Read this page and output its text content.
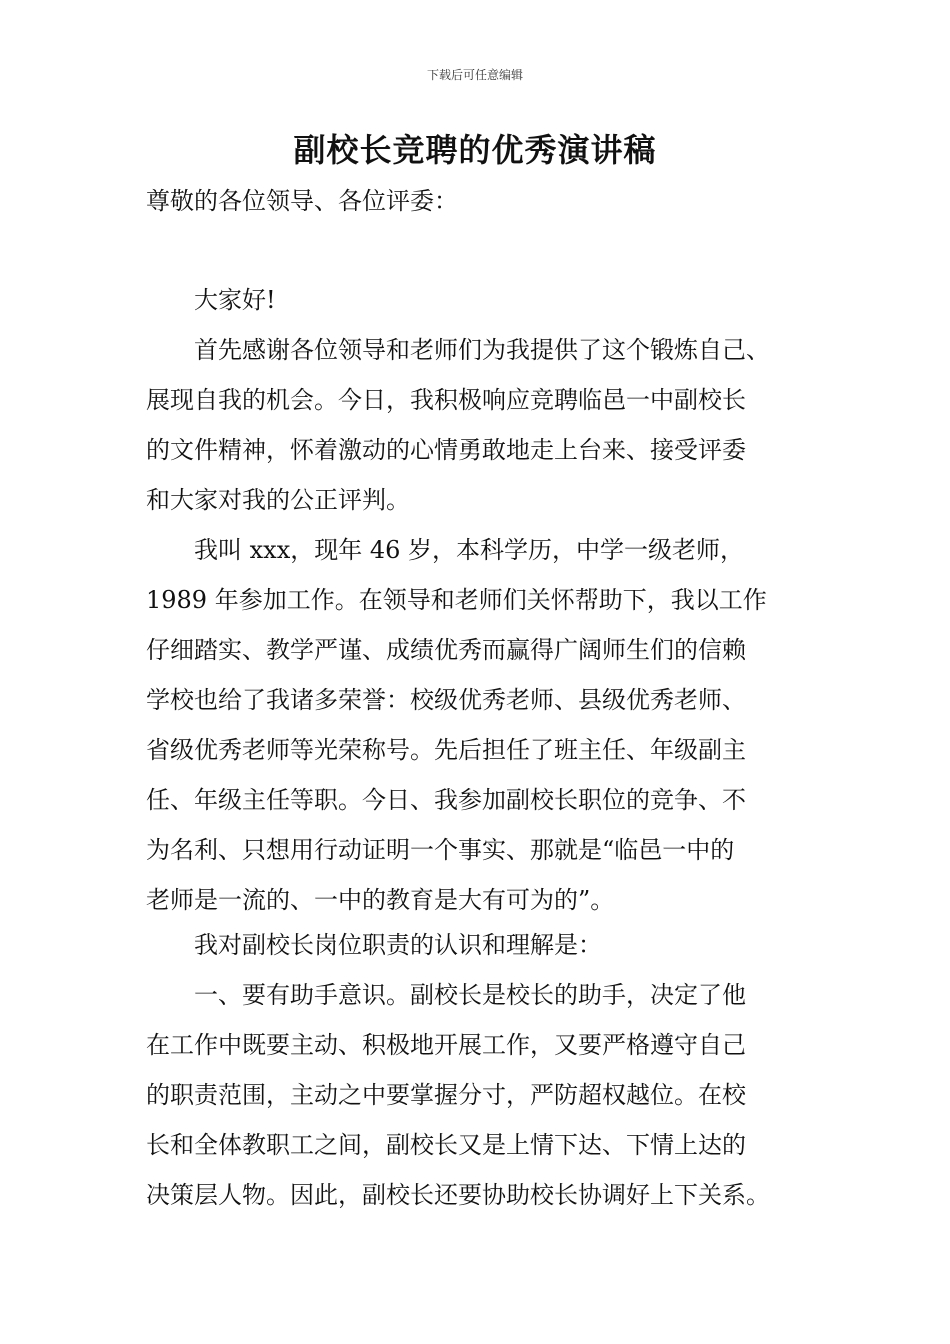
下载后可任意编辑
副校长竞聘的优秀演讲稿

尊敬的各位领导、各位评委：

大家好!

首先感谢各位领导和老师们为我提供了这个锻炼自己、
展现自我的机会。今日，我积极响应竞聘临邑一中副校长
的文件精神，怀着激动的心情勇敢地走上台来、接受评委
和大家对我的公正评判。

我叫 xxx，现年 46 岁，本科学历，中学一级老师，
1989 年参加工作。在领导和老师们关怀帮助下，我以工作
仔细踏实、教学严谨、成绩优秀而赢得广阔师生们的信赖
学校也给了我诸多荣誉：校级优秀老师、县级优秀老师、
省级优秀老师等光荣称号。先后担任了班主任、年级副主
任、年级主任等职。今日、我参加副校长职位的竞争、不
为名利、只想用行动证明一个事实、那就是“临邑一中的
老师是一流的、一中的教育是大有可为的”。

我对副校长岗位职责的认识和理解是：

一、要有助手意识。副校长是校长的助手，决定了他
在工作中既要主动、积极地开展工作，又要严格遵守自己
的职责范围，主动之中要掌握分寸，严防超权越位。在校
长和全体教职工之间，副校长又是上情下达、下情上达的
决策层人物。因此，副校长还要协助校长协调好上下关系。
